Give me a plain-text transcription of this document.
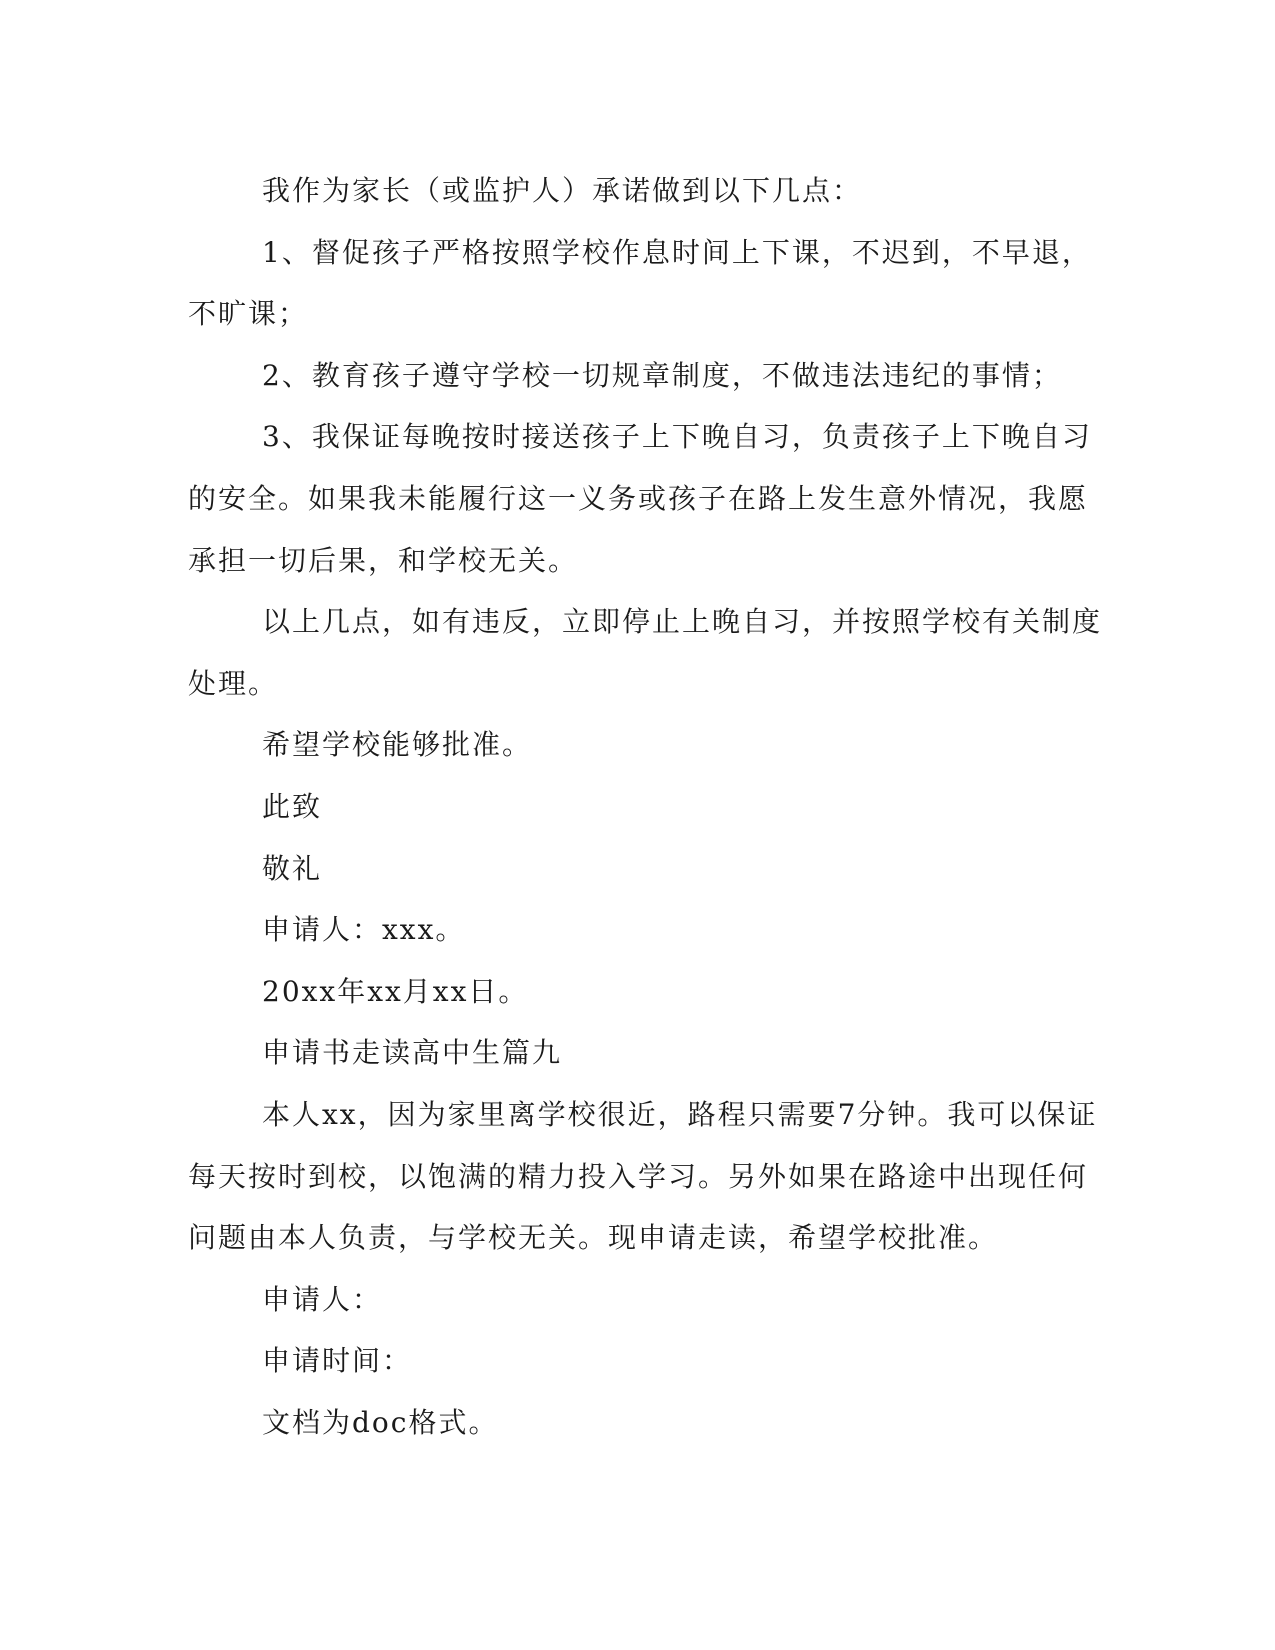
我作为家长（或监护人）承诺做到以下几点：
1、督促孩子严格按照学校作息时间上下课，不迟到，不早退，
不旷课；
2、教育孩子遵守学校一切规章制度，不做违法违纪的事情；
3、我保证每晚按时接送孩子上下晚自习，负责孩子上下晚自习
的安全。如果我未能履行这一义务或孩子在路上发生意外情况，我愿
承担一切后果，和学校无关。
以上几点，如有违反，立即停止上晚自习，并按照学校有关制度
处理。
希望学校能够批准。
此致
敬礼
申请人：xxx。
20xx年xx月xx日。
申请书走读高中生篇九
本人xx，因为家里离学校很近，路程只需要7分钟。我可以保证
每天按时到校，以饱满的精力投入学习。另外如果在路途中出现任何
问题由本人负责，与学校无关。现申请走读，希望学校批准。
申请人：
申请时间：
文档为doc格式。
